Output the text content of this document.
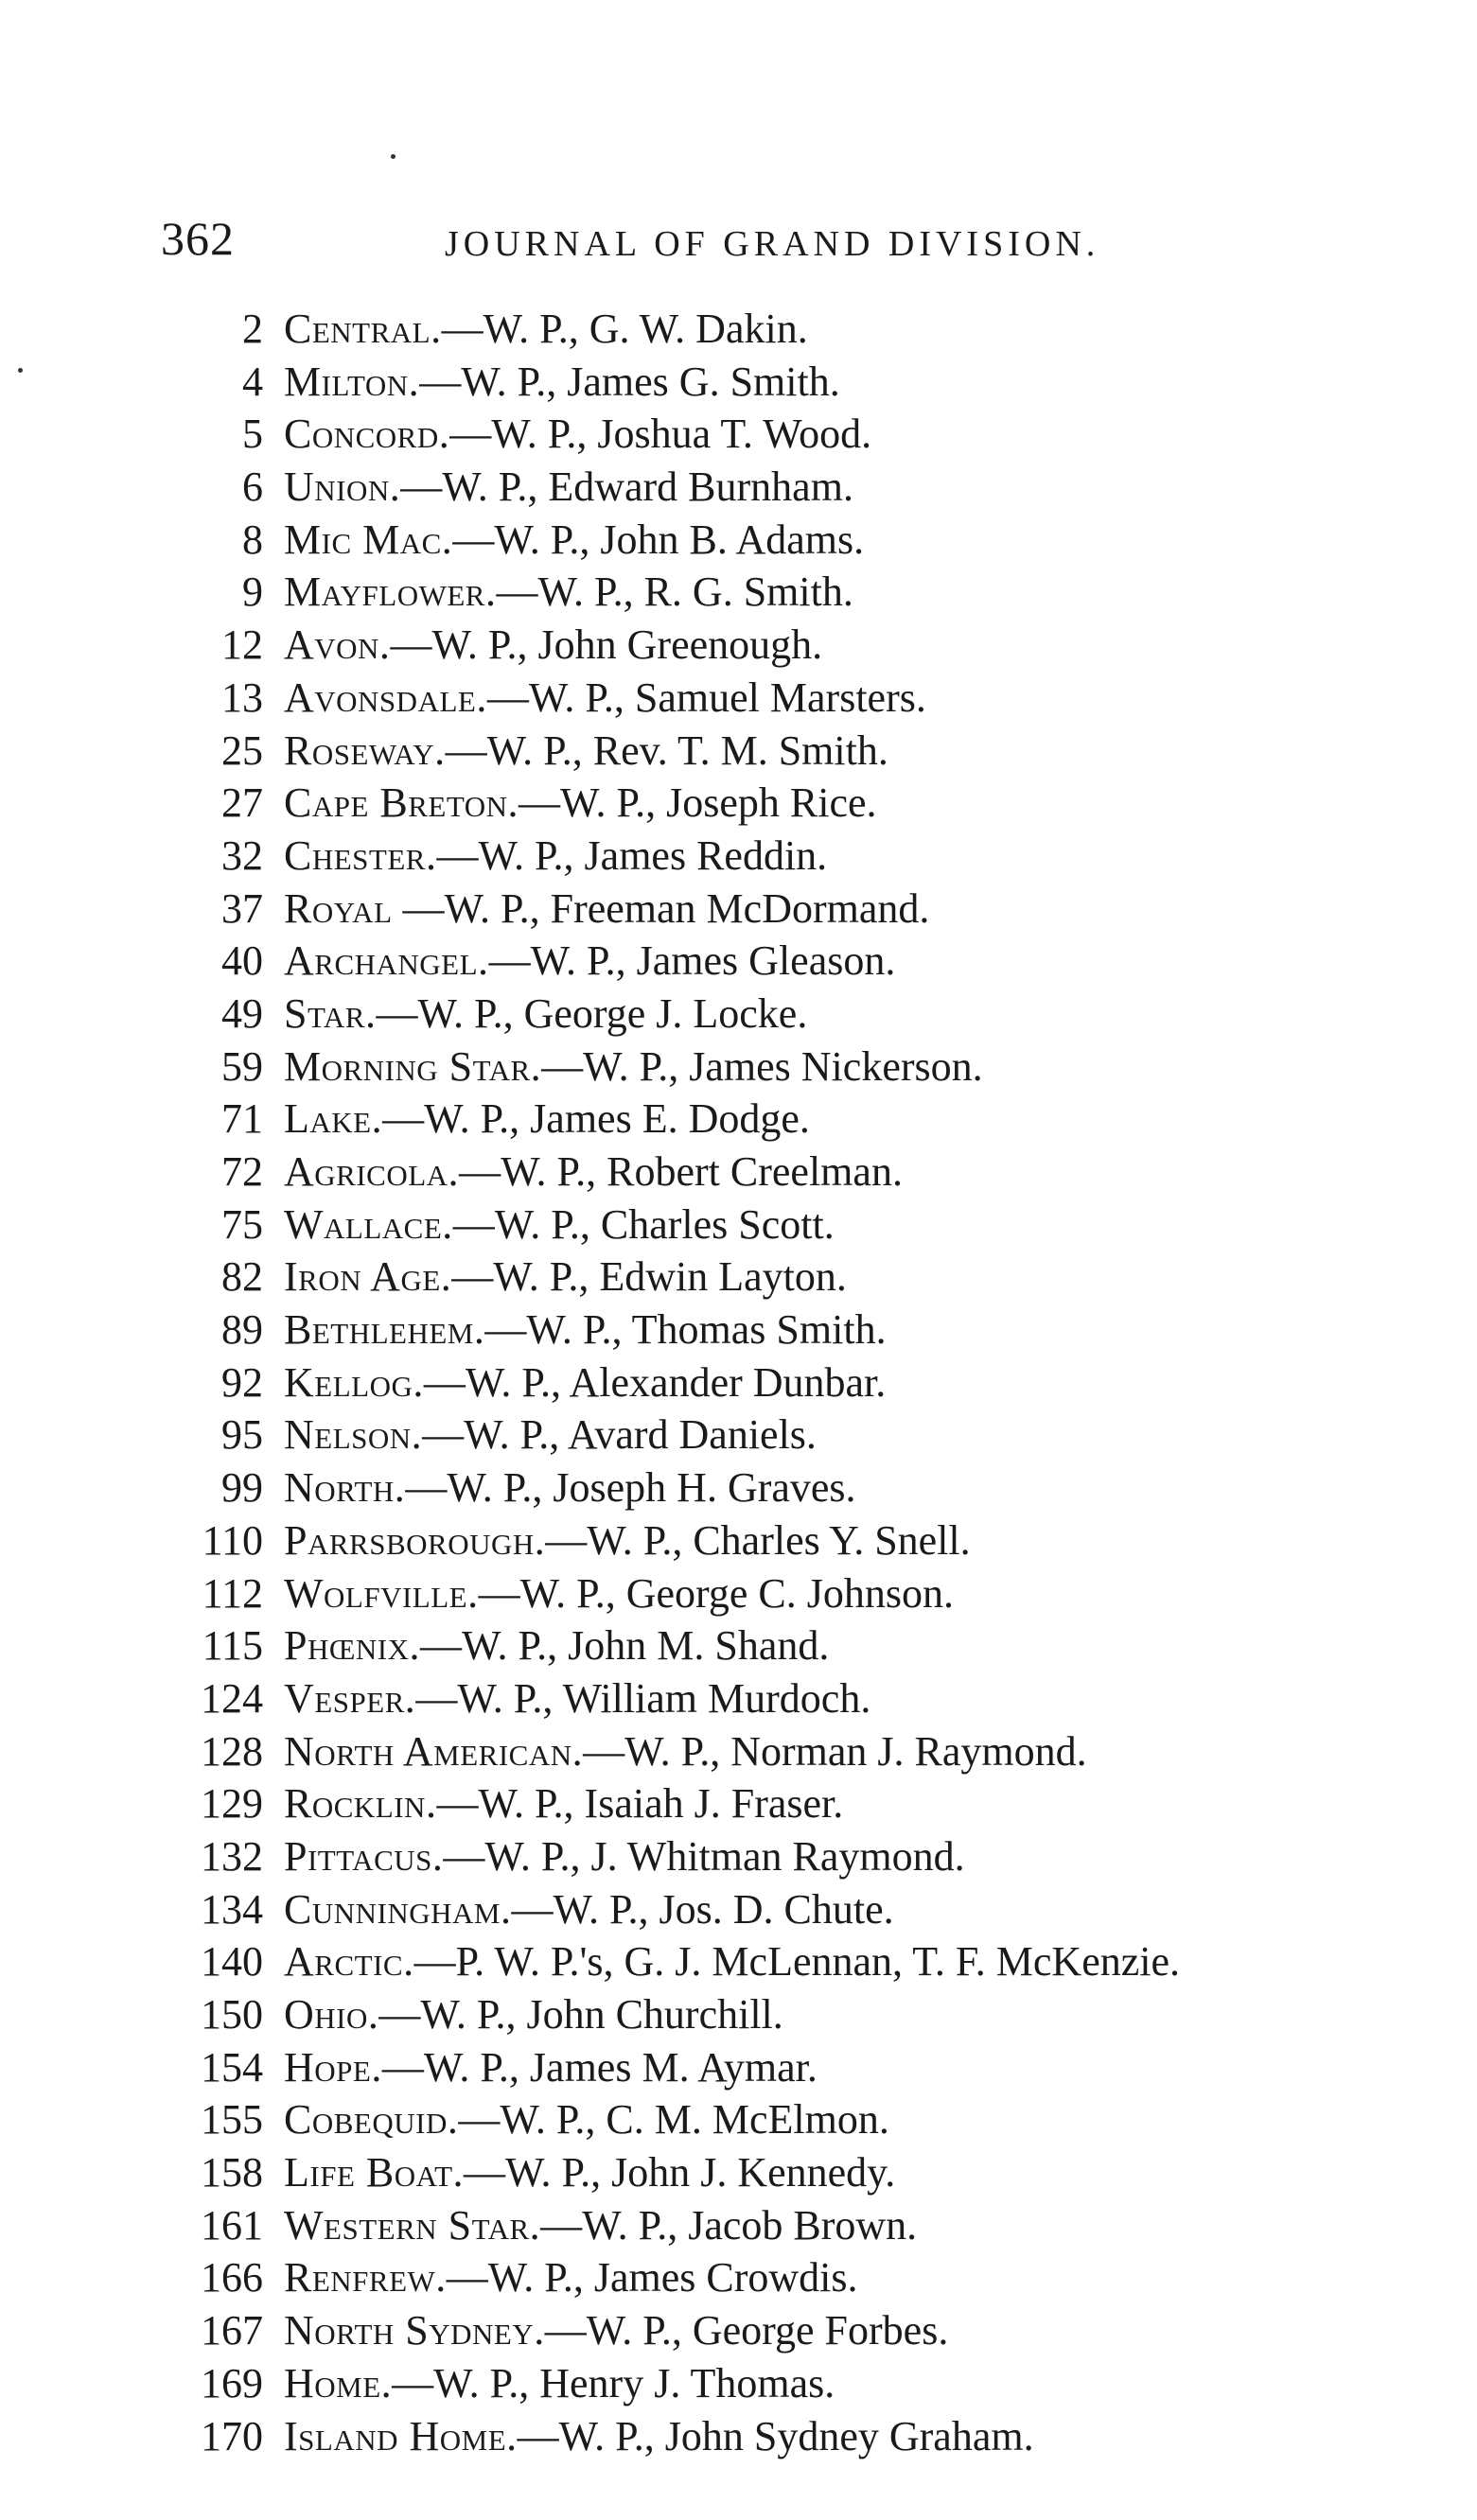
362	JOURNAL OF GRAND DIVISION.
2 Central.—W. P., G. W. Dakin.
4 Milton.—W. P., James G. Smith.
5 Concord.—W. P., Joshua T. Wood.
6 Union.—W. P., Edward Burnham.
8 Mic Mac.—W. P., John B. Adams.
9 Mayflower.—W. P., R. G. Smith.
12 Avon.—W. P., John Greenough.
13 Avonsdale.—W. P., Samuel Marsters.
25 Roseway.—W. P., Rev. T. M. Smith.
27 Cape Breton.—W. P., Joseph Rice.
32 Chester.—W. P., James Reddin.
37 Royal —W. P., Freeman McDormand.
40 Archangel.—W. P., James Gleason.
49 Star.—W. P., George J. Locke.
59 Morning Star.—W. P., James Nickerson.
71 Lake.—W. P., James E. Dodge.
72 Agricola.—W. P., Robert Creelman.
75 Wallace.—W. P., Charles Scott.
82 Iron Age.—W. P., Edwin Layton.
89 Bethlehem.—W. P., Thomas Smith.
92 Kellog.—W. P., Alexander Dunbar.
95 Nelson.—W. P., Avard Daniels.
99 North.—W. P., Joseph H. Graves.
110 Parrsborough.—W. P., Charles Y. Snell.
112 Wolfville.—W. P., George C. Johnson.
115 Phœnix.—W. P., John M. Shand.
124 Vesper.—W. P., William Murdoch.
128 North American.—W. P., Norman J. Raymond.
129 Rocklin.—W. P., Isaiah J. Fraser.
132 Pittacus.—W. P., J. Whitman Raymond.
134 Cunningham.—W. P., Jos. D. Chute.
140 Arctic.—P. W. P.'s, G. J. McLennan, T. F. McKenzie.
150 Ohio.—W. P., John Churchill.
154 Hope.—W. P., James M. Aymar.
155 Cobequid.—W. P., C. M. McElmon.
158 Life Boat.—W. P., John J. Kennedy.
161 Western Star.—W. P., Jacob Brown.
166 Renfrew.—W. P., James Crowdis.
167 North Sydney.—W. P., George Forbes.
169 Home.—W. P., Henry J. Thomas.
170 Island Home.—W. P., John Sydney Graham.
